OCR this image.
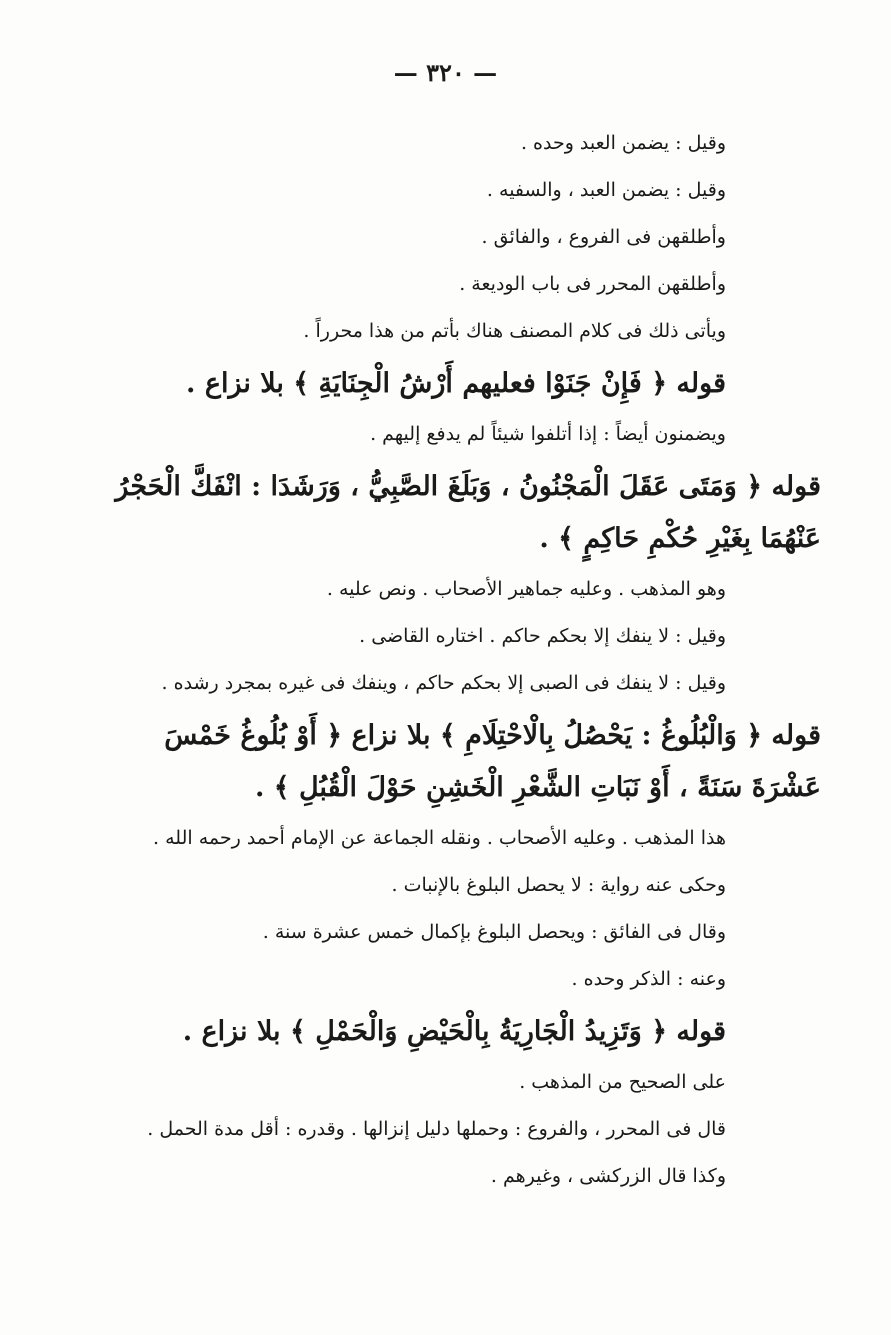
— ٣٢٠ —
وقيل : يضمن العبد وحده .
وقيل : يضمن العبد ، والسفيه .
وأطلقهن فى الفروع ، والفائق .
وأطلقهن المحرر فى باب الوديعة .
ويأتى ذلك فى كلام المصنف هناك بأتم من هذا محرراً .
قوله ﴿ فَإِنْ جَنَوْا فعليهم أَرْشُ الْجِنَايَةِ ﴾ بلا نزاع .
ويضمنون أيضاً : إذا أتلفوا شيئاً لم يدفع إليهم .
قوله ﴿ وَمَتَى عَقَلَ الْمَجْنُونُ ، وَبَلَغَ الصَّبِيُّ ، وَرَشَدَا : انْفَكَّ الْحَجْرُ
عَنْهُمَا بِغَيْرِ حُكْمِ حَاكِمٍ ﴾ .
وهو المذهب . وعليه جماهير الأصحاب . ونص عليه .
وقيل : لا ينفك إلا بحكم حاكم . اختاره القاضى .
وقيل : لا ينفك فى الصبى إلا بحكم حاكم ، وينفك فى غيره بمجرد رشده .
قوله ﴿ وَالْبُلُوغُ : يَحْصُلُ بِالْاحْتِلَامِ ﴾ بلا نزاع ﴿ أَوْ بُلُوغُ خَمْسَ
عَشْرَةَ سَنَةً ، أَوْ نَبَاتِ الشَّعْرِ الْخَشِنِ حَوْلَ الْقُبُلِ ﴾ .
هذا المذهب . وعليه الأصحاب . ونقله الجماعة عن الإمام أحمد رحمه الله .
وحكى عنه رواية : لا يحصل البلوغ بالإنبات .
وقال فى الفائق : ويحصل البلوغ بإكمال خمس عشرة سنة .
وعنه : الذكر وحده .
قوله ﴿ وَتَزِيدُ الْجَارِيَةُ بِالْحَيْضِ وَالْحَمْلِ ﴾ بلا نزاع .
على الصحيح من المذهب .
قال فى المحرر ، والفروع : وحملها دليل إنزالها . وقدره : أقل مدة الحمل .
وكذا قال الزركشى ، وغيرهم .
